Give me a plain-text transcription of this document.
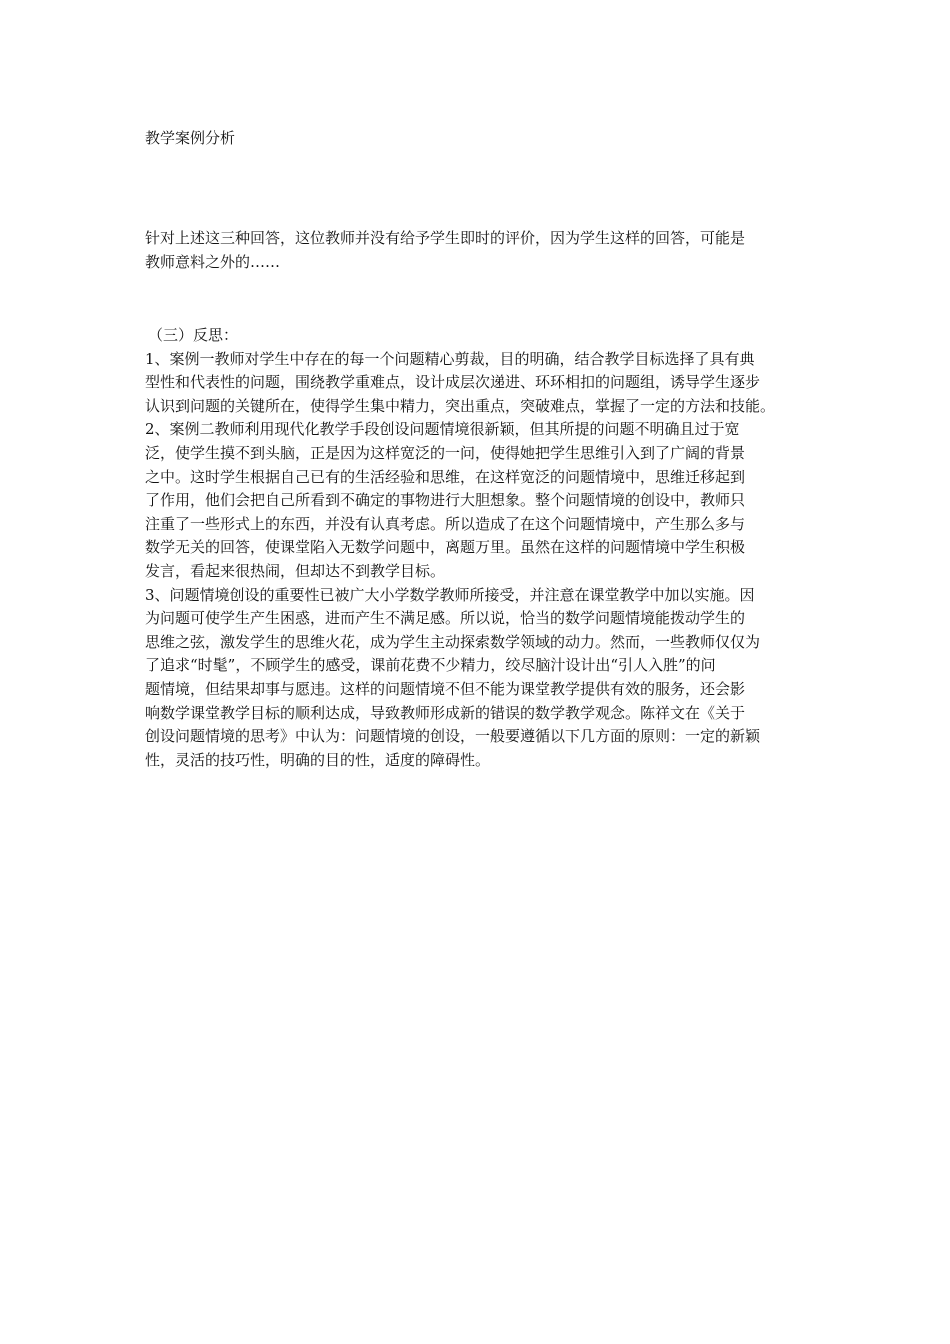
教学案例分析
针对上述这三种回答，这位教师并没有给予学生即时的评价，因为学生这样的回答，可能是
教师意料之外的……
（三）反思：

1、案例一教师对学生中存在的每一个问题精心剪裁，目的明确，结合教学目标选择了具有典
型性和代表性的问题，围绕教学重难点，设计成层次递进、环环相扣的问题组，诱导学生逐步
认识到问题的关键所在，使得学生集中精力，突出重点，突破难点，掌握了一定的方法和技能。

2、案例二教师利用现代化教学手段创设问题情境很新颖，但其所提的问题不明确且过于宽
泛，使学生摸不到头脑，正是因为这样宽泛的一问，使得她把学生思维引入到了广阔的背景
之中。这时学生根据自己已有的生活经验和思维，在这样宽泛的问题情境中，思维迁移起到
了作用，他们会把自己所看到不确定的事物进行大胆想象。整个问题情境的创设中，教师只
注重了一些形式上的东西，并没有认真考虑。所以造成了在这个问题情境中，产生那么多与
数学无关的回答，使课堂陷入无数学问题中，离题万里。虽然在这样的问题情境中学生积极
发言，看起来很热闹，但却达不到教学目标。

3、问题情境创设的重要性已被广大小学数学教师所接受，并注意在课堂教学中加以实施。因
为问题可使学生产生困惑，进而产生不满足感。所以说，恰当的数学问题情境能拨动学生的
思维之弦，激发学生的思维火花，成为学生主动探索数学领域的动力。然而，一些教师仅仅为
了追求“时髦”，不顾学生的感受，课前花费不少精力，绞尽脑汁设计出“引人入胜”的问
题情境，但结果却事与愿违。这样的问题情境不但不能为课堂教学提供有效的服务，还会影
响数学课堂教学目标的顺利达成，导致教师形成新的错误的数学教学观念。陈祥文在《关于
创设问题情境的思考》中认为：问题情境的创设，一般要遵循以下几方面的原则：一定的新颖
性，灵活的技巧性，明确的目的性，适度的障碍性。
